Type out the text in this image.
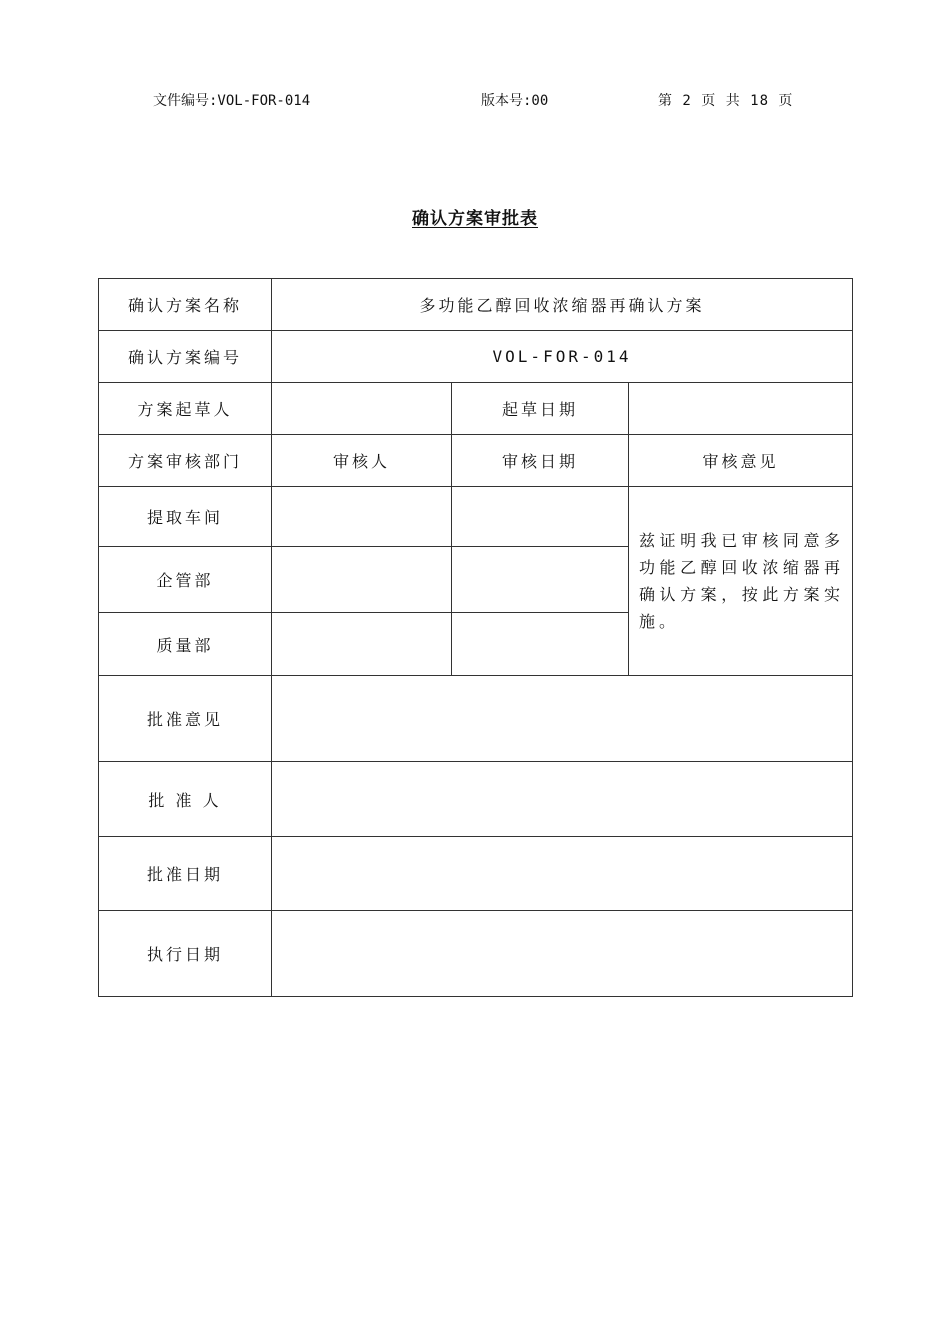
文件编号:VOL-FOR-014	版本号:00	第 2 页 共 18 页
确认方案审批表
确认方案名称	多功能乙醇回收浓缩器再确认方案		
确认方案编号	VOL-FOR-014		
方案起草人		起草日期	
方案审核部门	审核人	审核日期	审核意见
提取车间			兹证明我已审核同意多功能乙醇回收浓缩器再确认方案，按此方案实施。
企管部			
质量部			
批准意见			
批 准 人			
批准日期			
执行日期			
